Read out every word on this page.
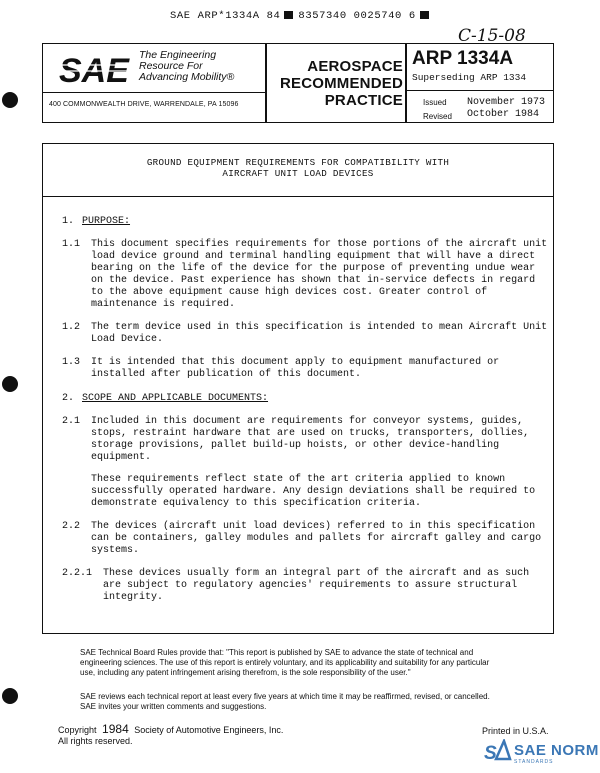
SAE ARP*1334A 84 8357340 0025740 6
C-15-08
SAE The Engineering
Resource For
Advancing Mobility®
400 COMMONWEALTH DRIVE, WARRENDALE, PA 15096
AEROSPACE
RECOMMENDED
PRACTICE
ARP 1334A
Superseding ARP 1334
Issued November 1973
Revised October 1984
GROUND EQUIPMENT REQUIREMENTS FOR COMPATIBILITY WITH
AIRCRAFT UNIT LOAD DEVICES
1. PURPOSE:
1.1 This document specifies requirements for those portions of the aircraft unit
load device ground and terminal handling equipment that will have a direct
bearing on the life of the device for the purpose of preventing undue wear
on the device. Past experience has shown that in-service defects in regard
to the above equipment cause high devices cost. Greater control of
maintenance is required.
1.2 The term device used in this specification is intended to mean Aircraft Unit
Load Device.
1.3 It is intended that this document apply to equipment manufactured or
installed after publication of this document.
2. SCOPE AND APPLICABLE DOCUMENTS:
2.1 Included in this document are requirements for conveyor systems, guides,
stops, restraint hardware that are used on trucks, transporters, dollies,
storage provisions, pallet build-up hoists, or other device-handling
equipment.
These requirements reflect state of the art criteria applied to known
successfully operated hardware. Any design deviations shall be required to
demonstrate equivalency to this specification criteria.
2.2 The devices (aircraft unit load devices) referred to in this specification
can be containers, galley modules and pallets for aircraft galley and cargo
systems.
2.2.1 These devices usually form an integral part of the aircraft and as such
are subject to regulatory agencies' requirements to assure structural
integrity.
SAE Technical Board Rules provide that: "This report is published by SAE to advance the state of technical and
engineering sciences. The use of this report is entirely voluntary, and its applicability and suitability for any particular
use, including any patent infringement arising therefrom, is the sole responsibility of the user."
SAE reviews each technical report at least every five years at which time it may be reaffirmed, revised, or cancelled.
SAE invites your written comments and suggestions.
Copyright 1984 Society of Automotive Engineers, Inc.
All rights reserved.
Printed in U.S.A.
S SAE NORM
STANDARDS
